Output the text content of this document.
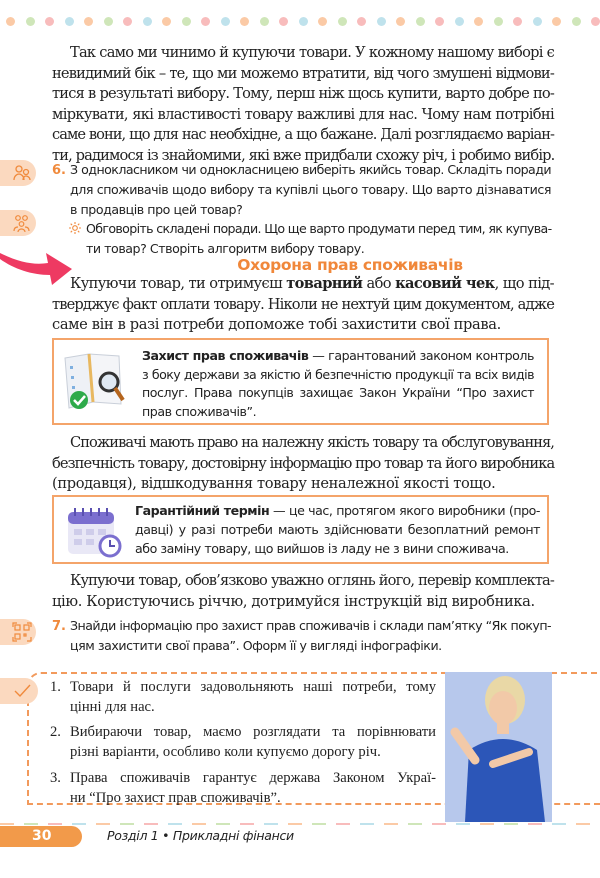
Так само ми чинимо й купуючи товари. У кожному нашому виборі є
невидимий бік – те, що ми можемо втратити, від чого змушені відмови-
тися в результаті вибору. Тому, перш ніж щось купити, варто добре по-
міркувати, які властивості товару важливі для нас. Чому нам потрібні
саме вони, що для нас необхідне, а що бажане. Далі розглядаємо варіан-
ти, радимося із знайомими, які вже придбали схожу річ, і робимо вибір.
6. З однокласником чи однокласницею виберіть якийсь товар. Складіть поради
для споживачів щодо вибору та купівлі цього товару. Що варто дізнаватися
в продавців про цей товар?
Обговоріть складені поради. Що ще варто продумати перед тим, як купува-
ти товар? Створіть алгоритм вибору товару.
Охорона прав споживачів
Купуючи товар, ти отримуєш товарний або касовий чек, що під-
тверджує факт оплати товару. Ніколи не нехтуй цим документом, адже
саме він в разі потреби допоможе тобі захистити свої права.
Захист прав споживачів — гарантований законом контроль
з боку держави за якістю й безпечністю продукції та всіх видів
послуг. Права покупців захищає Закон України “Про захист
прав споживачів”.
Споживачі мають право на належну якість товару та обслуговування,
безпечність товару, достовірну інформацію про товар та його виробника
(продавця), відшкодування товару неналежної якості тощо.
Гарантійний термін — це час, протягом якого виробники (про-
давці) у разі потреби мають здійснювати безоплатний ремонт
або заміну товару, що вийшов із ладу не з вини споживача.
Купуючи товар, обов’язково уважно оглянь його, перевір комплекта-
цію. Користуючись річчю, дотримуйся інструкцій від виробника.
7. Знайди інформацію про захист прав споживачів і склади пам’ятку “Як покуп-
цям захистити свої права”. Оформ її у вигляді інфографіки.
1. Товари й послуги задовольняють наші потреби, тому
цінні для нас.
2. Вибираючи товар, маємо розглядати та порівнювати
різні варіанти, особливо коли купуємо дорогу річ.
3. Права споживачів гарантує держава Законом Украї-
ни “Про захист прав споживачів”.
30	Розділ 1 • Прикладні фінанси
